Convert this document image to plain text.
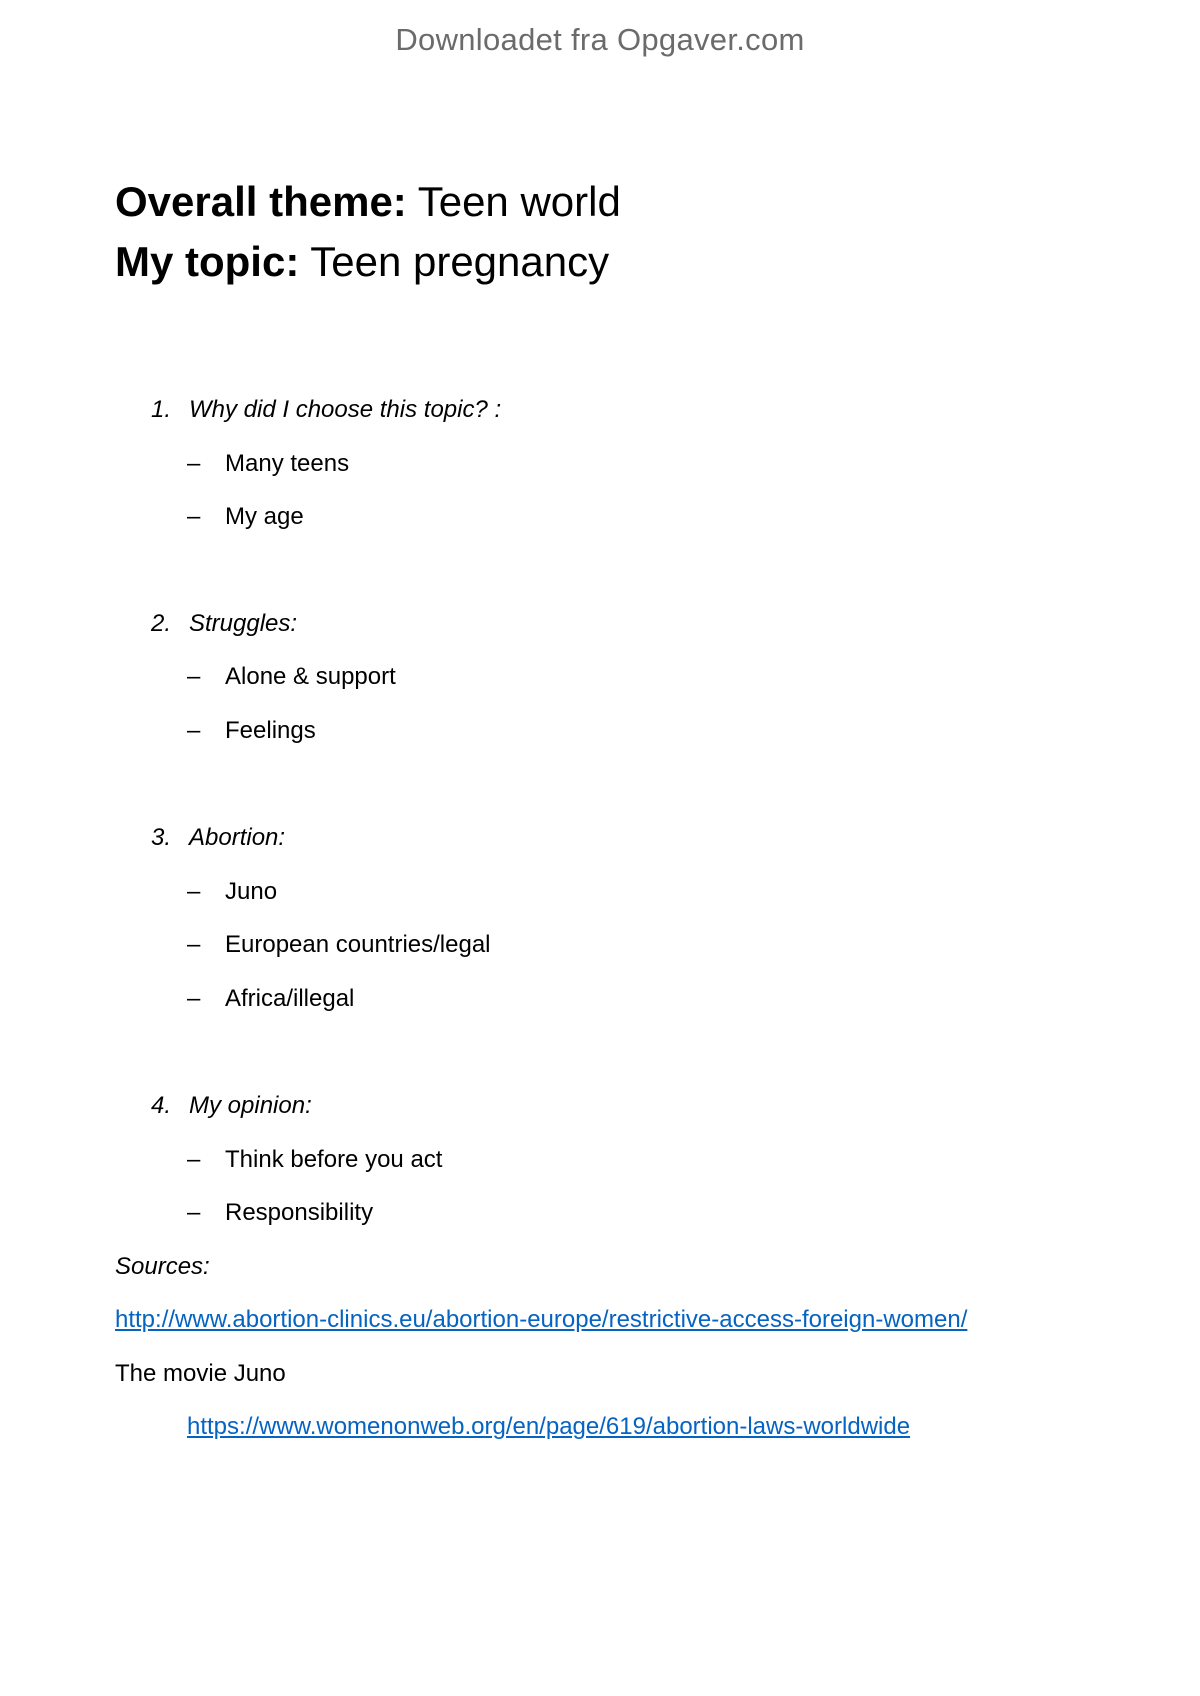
Downloadet fra Opgaver.com
Overall theme: Teen world
My topic: Teen pregnancy
1. Why did I choose this topic? :
– Many teens
– My age
2. Struggles:
– Alone & support
– Feelings
3. Abortion:
– Juno
– European countries/legal
– Africa/illegal
4. My opinion:
– Think before you act
– Responsibility
Sources:
http://www.abortion-clinics.eu/abortion-europe/restrictive-access-foreign-women/
The movie Juno
https://www.womenonweb.org/en/page/619/abortion-laws-worldwide
